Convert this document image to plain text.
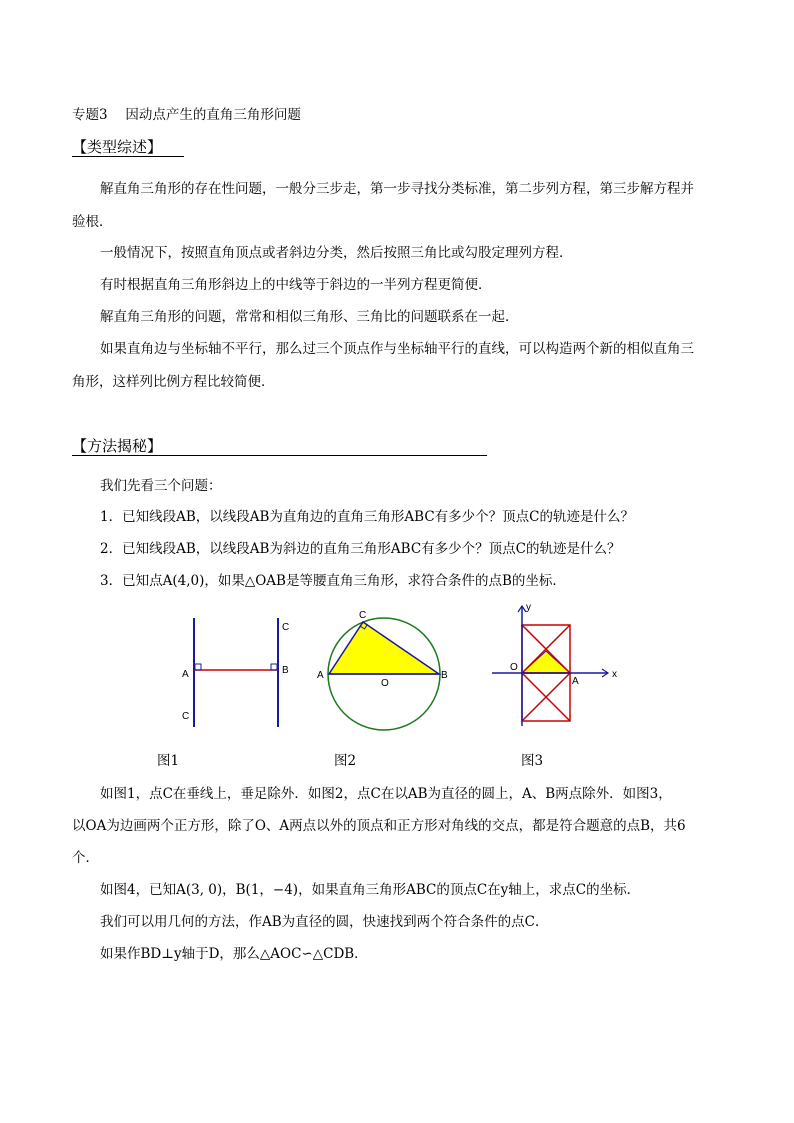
专题3　 因动点产生的直角三角形问题
【类型综述】
解直角三角形的存在性问题，一般分三步走，第一步寻找分类标准，第二步列方程，第三步解方程并
验根．
一般情况下，按照直角顶点或者斜边分类，然后按照三角比或勾股定理列方程．
有时根据直角三角形斜边上的中线等于斜边的一半列方程更简便．
解直角三角形的问题，常常和相似三角形、三角比的问题联系在一起．
如果直角边与坐标轴不平行，那么过三个顶点作与坐标轴平行的直线，可以构造两个新的相似直角三
角形，这样列比例方程比较简便．
【方法揭秘】
我们先看三个问题：
1．已知线段AB，以线段AB为直角边的直角三角形ABC有多少个？顶点C的轨迹是什么？
2．已知线段AB，以线段AB为斜边的直角三角形ABC有多少个？顶点C的轨迹是什么？
3．已知点A(4,0)，如果△OAB是等腰直角三角形，求符合条件的点B的坐标．
A	B
C
C
A	B
C
O
O
A
x
y
图1	图2	图3
如图1，点C在垂线上，垂足除外．如图2，点C在以AB为直径的圆上，A、B两点除外．如图3，
以OA为边画两个正方形，除了O、A两点以外的顶点和正方形对角线的交点，都是符合题意的点B，共6
个．
如图4，已知A(3, 0)，B(1，−4)，如果直角三角形ABC的顶点C在y轴上，求点C的坐标．
我们可以用几何的方法，作AB为直径的圆，快速找到两个符合条件的点C．
如果作BD⊥y轴于D，那么△AOC∽△CDB．
